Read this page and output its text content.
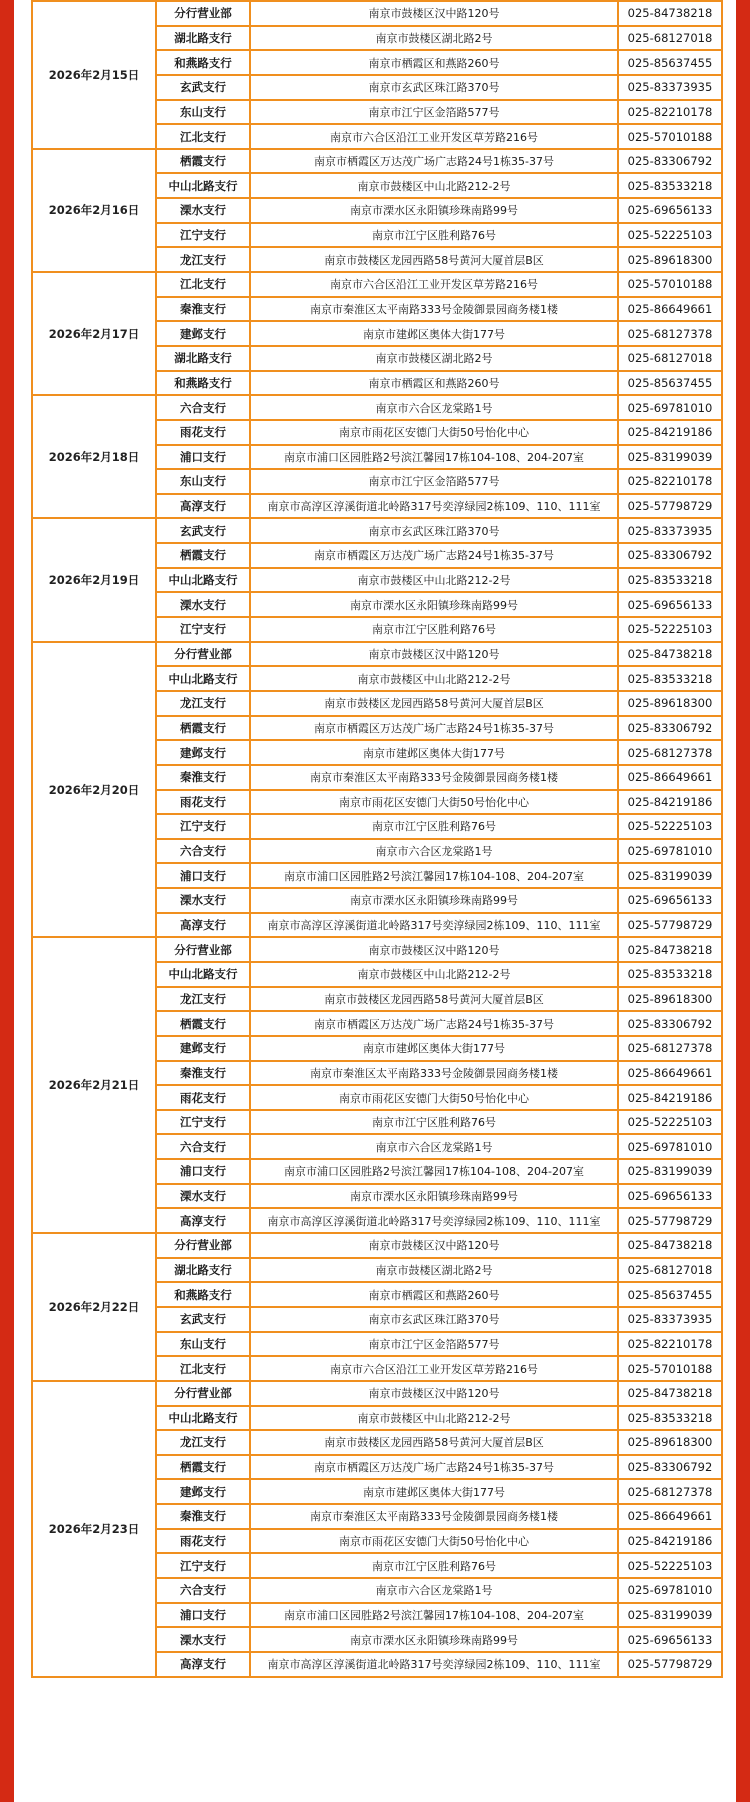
2026年2月15日	分行营业部	南京市鼓楼区汉中路120号	025-84738218
	湖北路支行	南京市鼓楼区湖北路2号	025-68127018
	和燕路支行	南京市栖霞区和燕路260号	025-85637455
	玄武支行	南京市玄武区珠江路370号	025-83373935
	东山支行	南京市江宁区金箔路577号	025-82210178
	江北支行	南京市六合区沿江工业开发区草芳路216号	025-57010188
2026年2月16日	栖霞支行	南京市栖霞区万达茂广场广志路24号1栋35-37号	025-83306792
	中山北路支行	南京市鼓楼区中山北路212-2号	025-83533218
	溧水支行	南京市溧水区永阳镇珍珠南路99号	025-69656133
	江宁支行	南京市江宁区胜利路76号	025-52225103
	龙江支行	南京市鼓楼区龙园西路58号黄河大厦首层B区	025-89618300
2026年2月17日	江北支行	南京市六合区沿江工业开发区草芳路216号	025-57010188
	秦淮支行	南京市秦淮区太平南路333号金陵御景园商务楼1楼	025-86649661
	建邺支行	南京市建邺区奥体大街177号	025-68127378
	湖北路支行	南京市鼓楼区湖北路2号	025-68127018
	和燕路支行	南京市栖霞区和燕路260号	025-85637455
2026年2月18日	六合支行	南京市六合区龙棠路1号	025-69781010
	雨花支行	南京市雨花区安德门大街50号怡化中心	025-84219186
	浦口支行	南京市浦口区园胜路2号滨江馨园17栋104-108、204-207室	025-83199039
	东山支行	南京市江宁区金箔路577号	025-82210178
	高淳支行	南京市高淳区淳溪街道北岭路317号奕淳绿园2栋109、110、111室	025-57798729
2026年2月19日	玄武支行	南京市玄武区珠江路370号	025-83373935
	栖霞支行	南京市栖霞区万达茂广场广志路24号1栋35-37号	025-83306792
	中山北路支行	南京市鼓楼区中山北路212-2号	025-83533218
	溧水支行	南京市溧水区永阳镇珍珠南路99号	025-69656133
	江宁支行	南京市江宁区胜利路76号	025-52225103
2026年2月20日	分行营业部	南京市鼓楼区汉中路120号	025-84738218
	中山北路支行	南京市鼓楼区中山北路212-2号	025-83533218
	龙江支行	南京市鼓楼区龙园西路58号黄河大厦首层B区	025-89618300
	栖霞支行	南京市栖霞区万达茂广场广志路24号1栋35-37号	025-83306792
	建邺支行	南京市建邺区奥体大街177号	025-68127378
	秦淮支行	南京市秦淮区太平南路333号金陵御景园商务楼1楼	025-86649661
	雨花支行	南京市雨花区安德门大街50号怡化中心	025-84219186
	江宁支行	南京市江宁区胜利路76号	025-52225103
	六合支行	南京市六合区龙棠路1号	025-69781010
	浦口支行	南京市浦口区园胜路2号滨江馨园17栋104-108、204-207室	025-83199039
	溧水支行	南京市溧水区永阳镇珍珠南路99号	025-69656133
	高淳支行	南京市高淳区淳溪街道北岭路317号奕淳绿园2栋109、110、111室	025-57798729
2026年2月21日	分行营业部	南京市鼓楼区汉中路120号	025-84738218
	中山北路支行	南京市鼓楼区中山北路212-2号	025-83533218
	龙江支行	南京市鼓楼区龙园西路58号黄河大厦首层B区	025-89618300
	栖霞支行	南京市栖霞区万达茂广场广志路24号1栋35-37号	025-83306792
	建邺支行	南京市建邺区奥体大街177号	025-68127378
	秦淮支行	南京市秦淮区太平南路333号金陵御景园商务楼1楼	025-86649661
	雨花支行	南京市雨花区安德门大街50号怡化中心	025-84219186
	江宁支行	南京市江宁区胜利路76号	025-52225103
	六合支行	南京市六合区龙棠路1号	025-69781010
	浦口支行	南京市浦口区园胜路2号滨江馨园17栋104-108、204-207室	025-83199039
	溧水支行	南京市溧水区永阳镇珍珠南路99号	025-69656133
	高淳支行	南京市高淳区淳溪街道北岭路317号奕淳绿园2栋109、110、111室	025-57798729
2026年2月22日	分行营业部	南京市鼓楼区汉中路120号	025-84738218
	湖北路支行	南京市鼓楼区湖北路2号	025-68127018
	和燕路支行	南京市栖霞区和燕路260号	025-85637455
	玄武支行	南京市玄武区珠江路370号	025-83373935
	东山支行	南京市江宁区金箔路577号	025-82210178
	江北支行	南京市六合区沿江工业开发区草芳路216号	025-57010188
2026年2月23日	分行营业部	南京市鼓楼区汉中路120号	025-84738218
	中山北路支行	南京市鼓楼区中山北路212-2号	025-83533218
	龙江支行	南京市鼓楼区龙园西路58号黄河大厦首层B区	025-89618300
	栖霞支行	南京市栖霞区万达茂广场广志路24号1栋35-37号	025-83306792
	建邺支行	南京市建邺区奥体大街177号	025-68127378
	秦淮支行	南京市秦淮区太平南路333号金陵御景园商务楼1楼	025-86649661
	雨花支行	南京市雨花区安德门大街50号怡化中心	025-84219186
	江宁支行	南京市江宁区胜利路76号	025-52225103
	六合支行	南京市六合区龙棠路1号	025-69781010
	浦口支行	南京市浦口区园胜路2号滨江馨园17栋104-108、204-207室	025-83199039
	溧水支行	南京市溧水区永阳镇珍珠南路99号	025-69656133
	高淳支行	南京市高淳区淳溪街道北岭路317号奕淳绿园2栋109、110、111室	025-57798729
